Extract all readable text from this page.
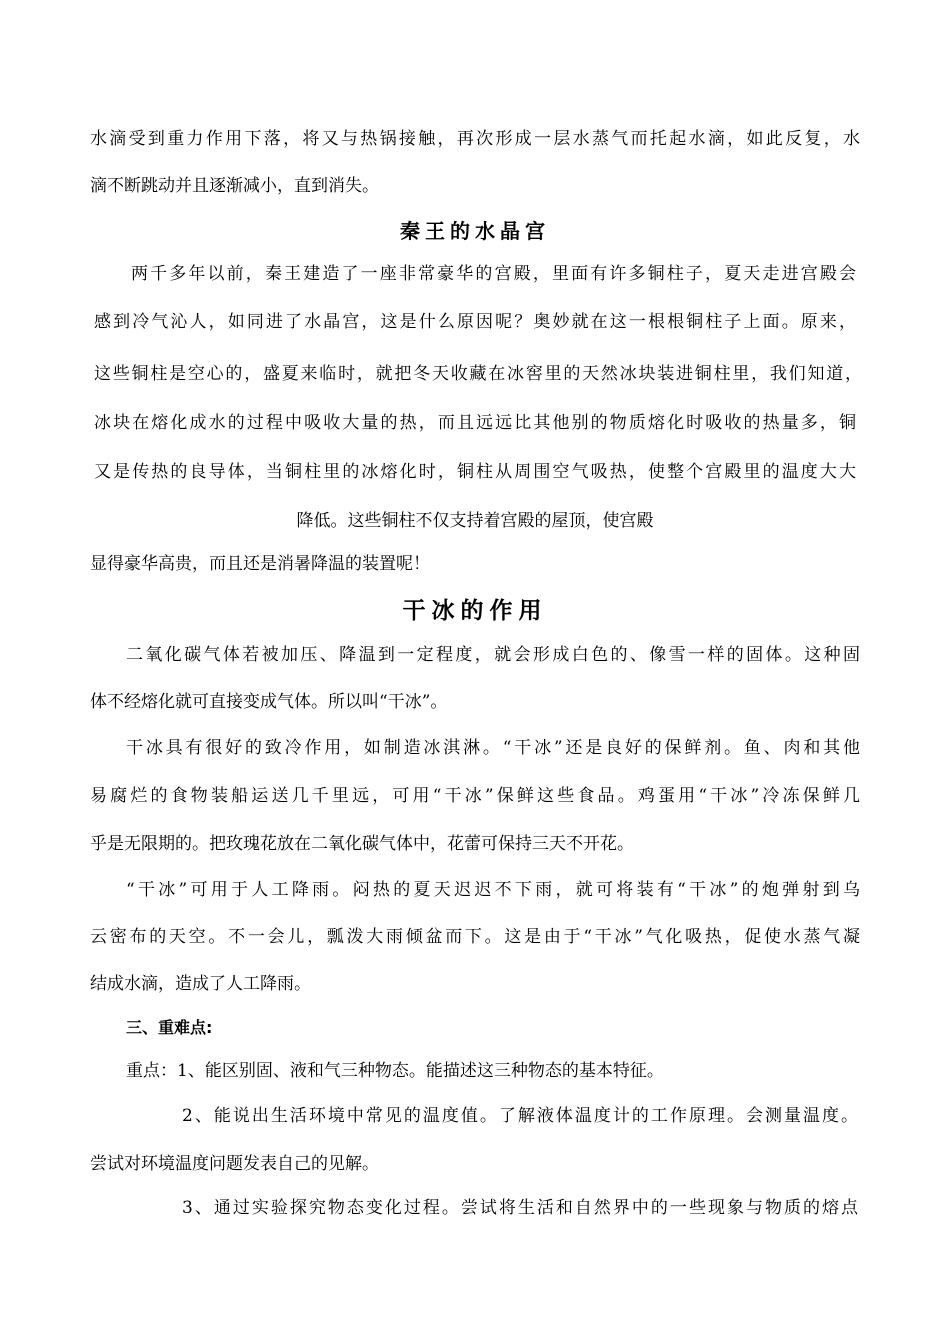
水滴受到重力作用下落，将又与热锅接触，再次形成一层水蒸气而托起水滴，如此反复，水
滴不断跳动并且逐渐减小，直到消失。
秦王的水晶宫
两千多年以前，秦王建造了一座非常豪华的宫殿，里面有许多铜柱子，夏天走进宫殿会
感到冷气沁人，如同进了水晶宫，这是什么原因呢？奥妙就在这一根根铜柱子上面。原来，
这些铜柱是空心的，盛夏来临时，就把冬天收藏在冰窖里的天然冰块装进铜柱里，我们知道，
冰块在熔化成水的过程中吸收大量的热，而且远远比其他别的物质熔化时吸收的热量多，铜
又是传热的良导体，当铜柱里的冰熔化时，铜柱从周围空气吸热，使整个宫殿里的温度大大
降低。这些铜柱不仅支持着宫殿的屋顶，使宫殿
显得豪华高贵，而且还是消暑降温的装置呢！
干冰的作用
二氧化碳气体若被加压、降温到一定程度，就会形成白色的、像雪一样的固体。这种固
体不经熔化就可直接变成气体。所以叫“干冰”。
干冰具有很好的致冷作用，如制造冰淇淋。“干冰”还是良好的保鲜剂。鱼、肉和其他
易腐烂的食物装船运送几千里远，可用“干冰”保鲜这些食品。鸡蛋用“干冰”冷冻保鲜几
乎是无限期的。把玫瑰花放在二氧化碳气体中，花蕾可保持三天不开花。
“干冰”可用于人工降雨。闷热的夏天迟迟不下雨，就可将装有“干冰”的炮弹射到乌
云密布的天空。不一会儿，瓢泼大雨倾盆而下。这是由于“干冰”气化吸热，促使水蒸气凝
结成水滴，造成了人工降雨。
三、重难点:
重点：1、能区别固、液和气三种物态。能描述这三种物态的基本特征。
2、能说出生活环境中常见的温度值。了解液体温度计的工作原理。会测量温度。
尝试对环境温度问题发表自己的见解。
3、通过实验探究物态变化过程。尝试将生活和自然界中的一些现象与物质的熔点
